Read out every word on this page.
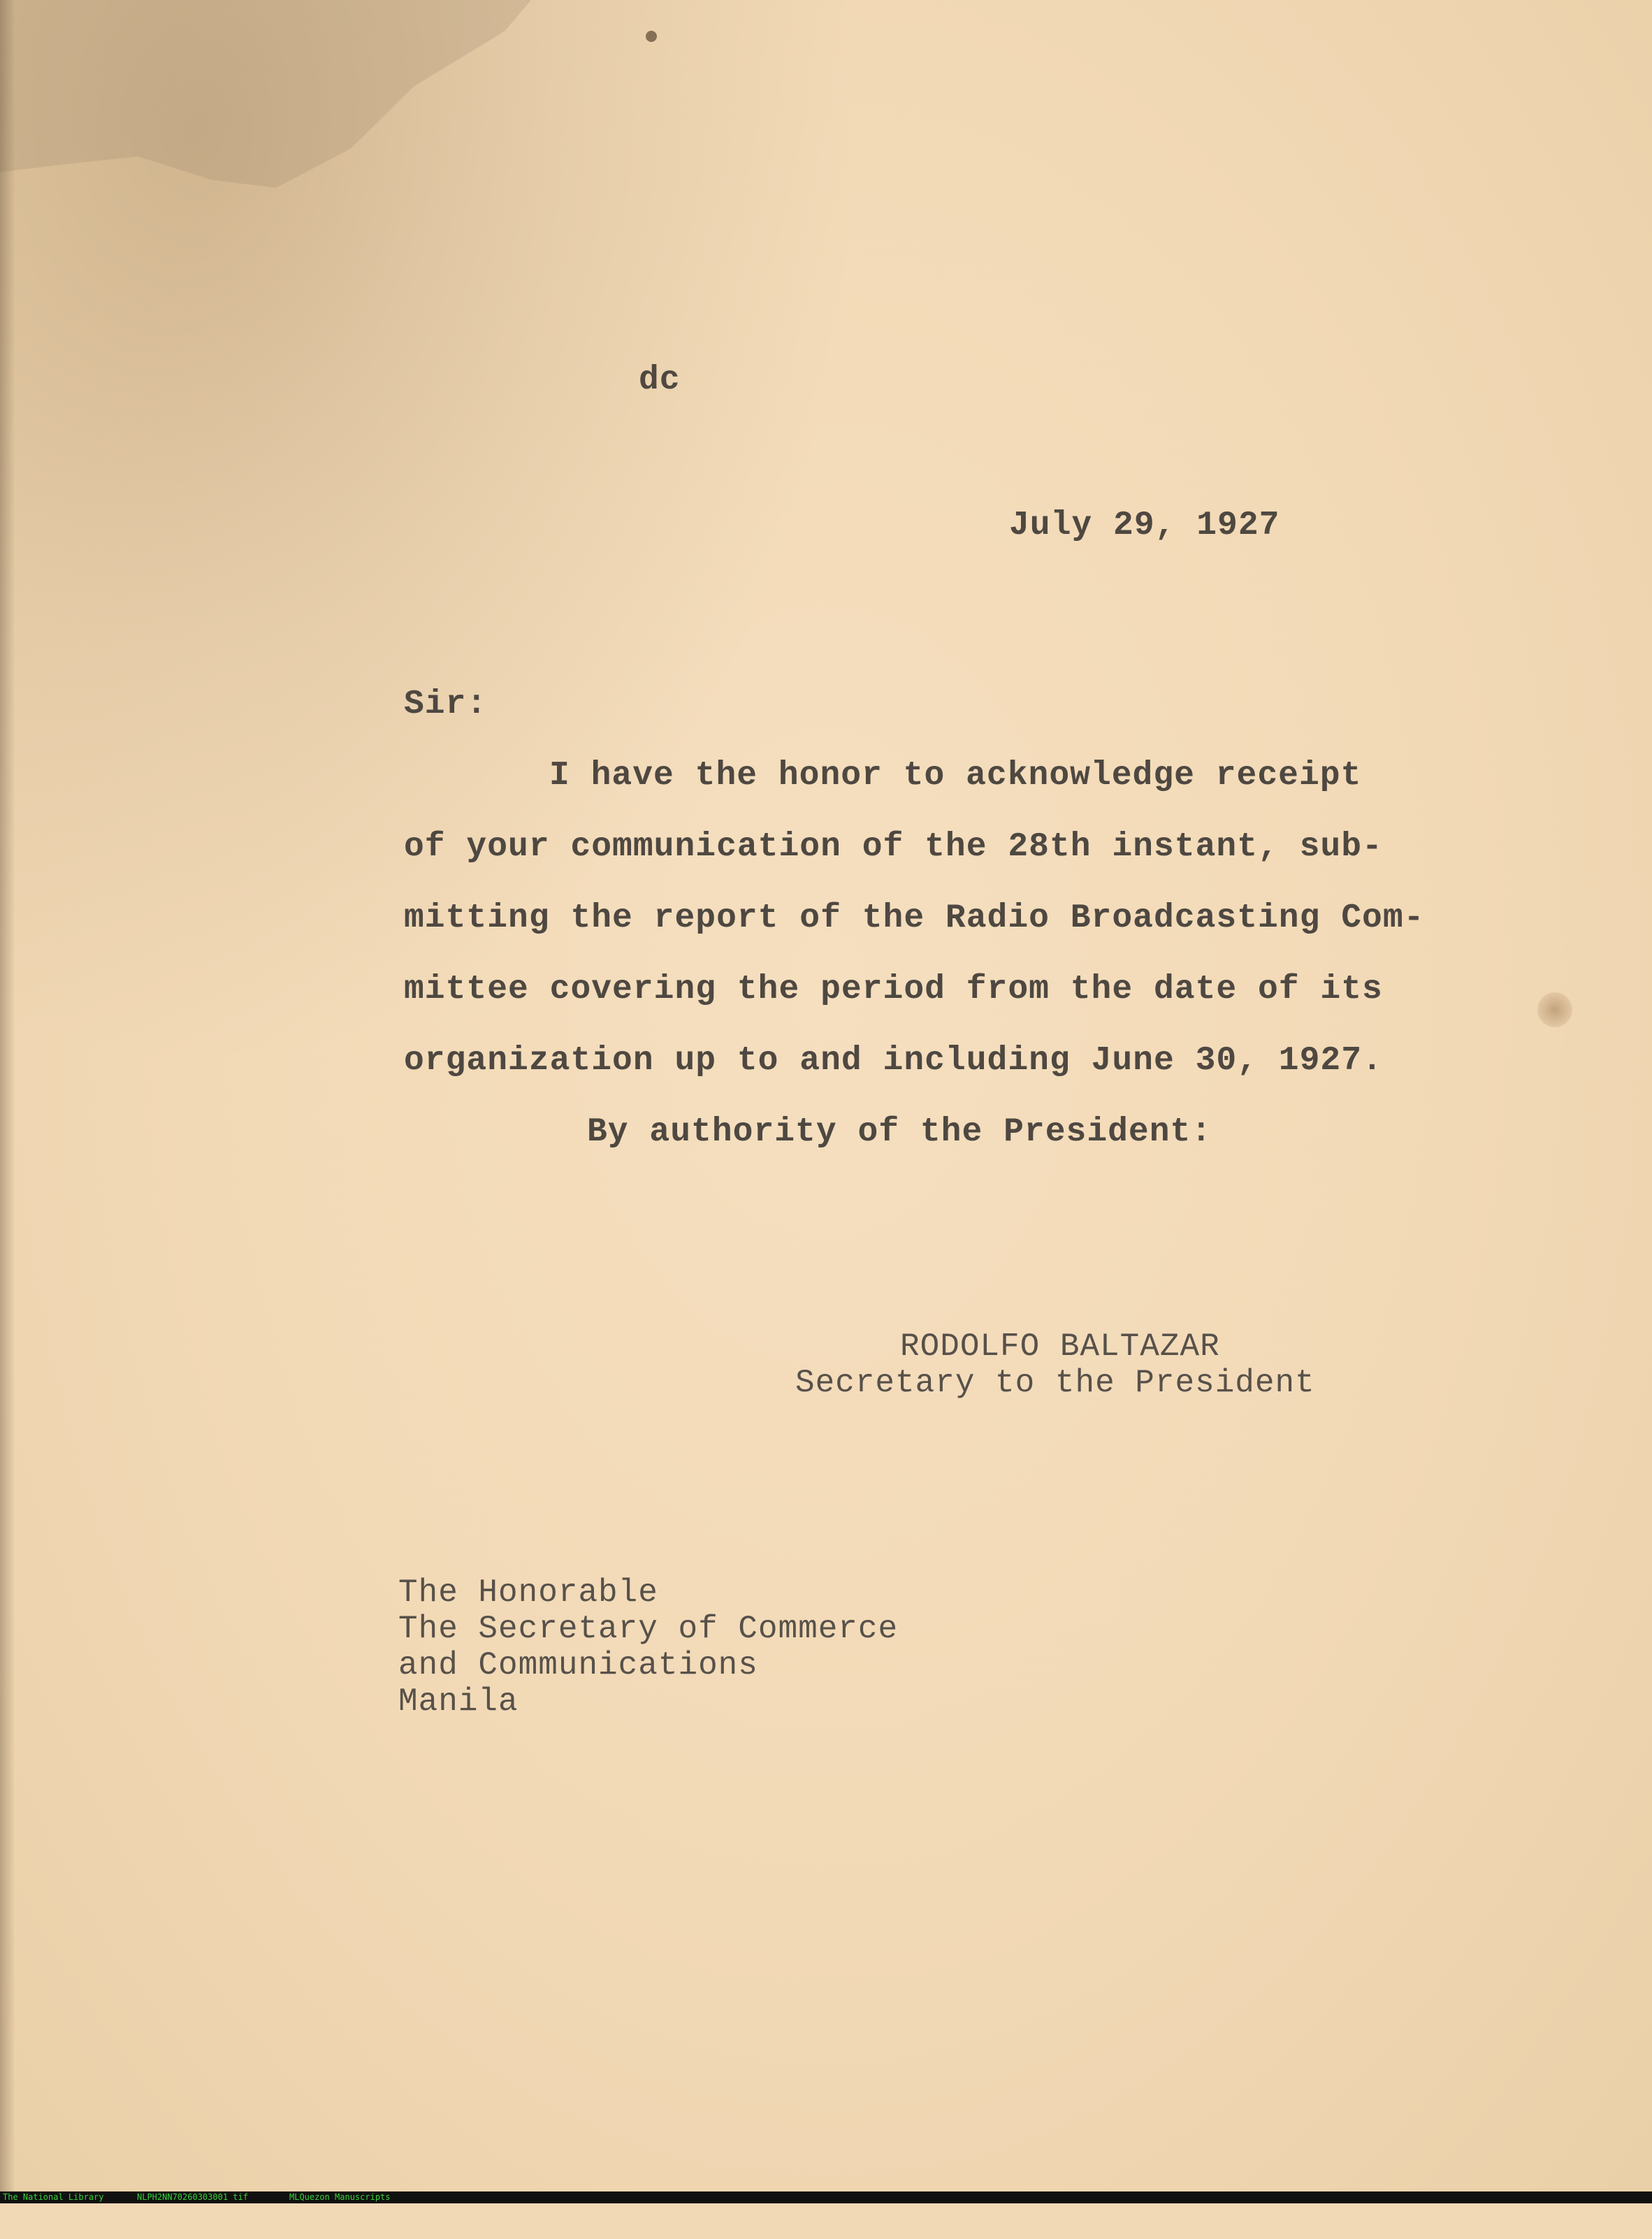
dc

July 29, 1927

Sir:

I have the honor to acknowledge receipt

of your communication of the 28th instant, sub-

mitting the report of the Radio Broadcasting Com-

mittee covering the period from the date of its

organization up to and including June 30, 1927.

By authority of the President:

RODOLFO BALTAZAR

Secretary to the President

The Honorable

The Secretary of Commerce

and Communications

Manila

The National Library

	NLPH2NN70260303001 tif

	MLQuezon Manuscripts
